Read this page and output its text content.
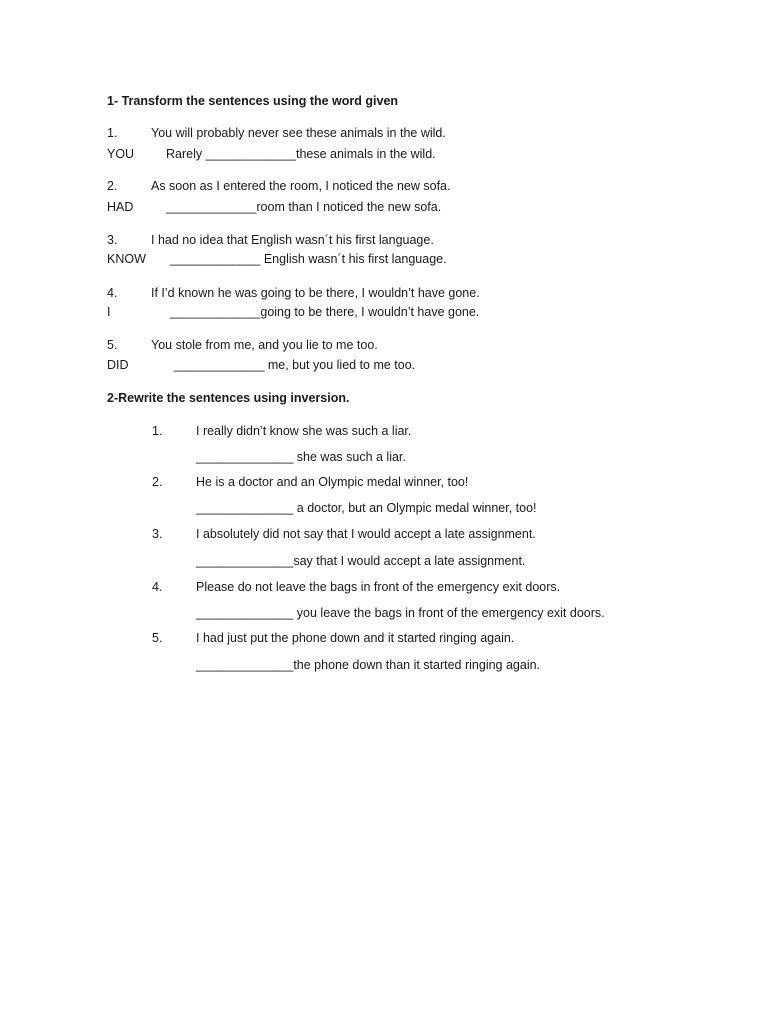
1- Transform the sentences using the word given
1.	You will probably never see these animals in the wild.
YOU	Rarely _____________these animals in the wild.
2.	As soon as I entered the room, I noticed the new sofa.
HAD	_____________room than I noticed the new sofa.
3.	I had no idea that English wasn´t his first language.
KNOW _____________ English wasn´t his first language.
4.	If I’d known he was going to be there, I wouldn’t have gone.
I	_____________going to be there, I wouldn’t have gone.
5.	You stole from me, and you lie to me too.
DID	_____________ me, but you lied to me too.
2-Rewrite the sentences using inversion.
1.	I really didn’t know she was such a liar.
______________ she was such a liar.
2.	He is a doctor and an Olympic medal winner, too!
______________ a doctor, but an Olympic medal winner, too!
3.	I absolutely did not say that I would accept a late assignment.
______________say that I would accept a late assignment.
4.	Please do not leave the bags in front of the emergency exit doors.
______________ you leave the bags in front of the emergency exit doors.
5.	I had just put the phone down and it started ringing again.
______________the phone down than it started ringing again.
